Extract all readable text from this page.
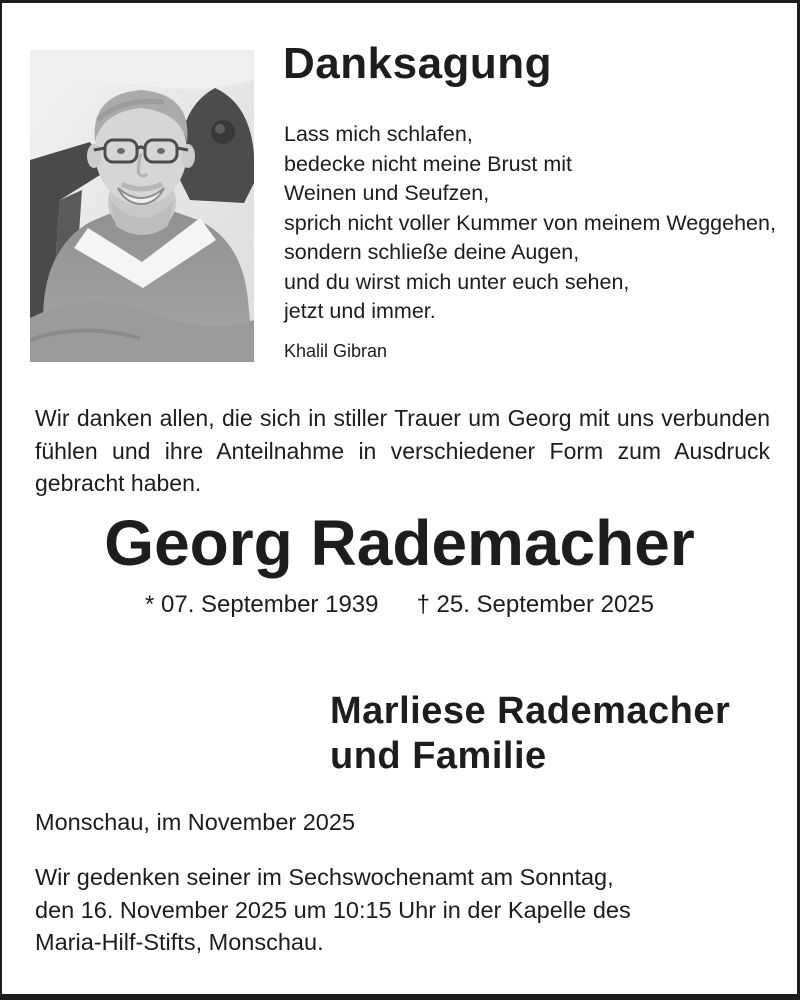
Danksagung
Lass mich schlafen,
bedecke nicht meine Brust mit
Weinen und Seufzen,
sprich nicht voller Kummer von meinem Weggehen,
sondern schließe deine Augen,
und du wirst mich unter euch sehen,
jetzt und immer.
Khalil Gibran
Wir danken allen, die sich in stiller Trauer um Georg mit uns verbunden
fühlen und ihre Anteilnahme in verschiedener Form zum Ausdruck
gebracht haben.
Georg Rademacher
* 07. September 1939 † 25. September 2025
Marliese Rademacher
und Familie
Monschau, im November 2025
Wir gedenken seiner im Sechswochenamt am Sonntag,
den 16. November 2025 um 10:15 Uhr in der Kapelle des
Maria-Hilf-Stifts, Monschau.
